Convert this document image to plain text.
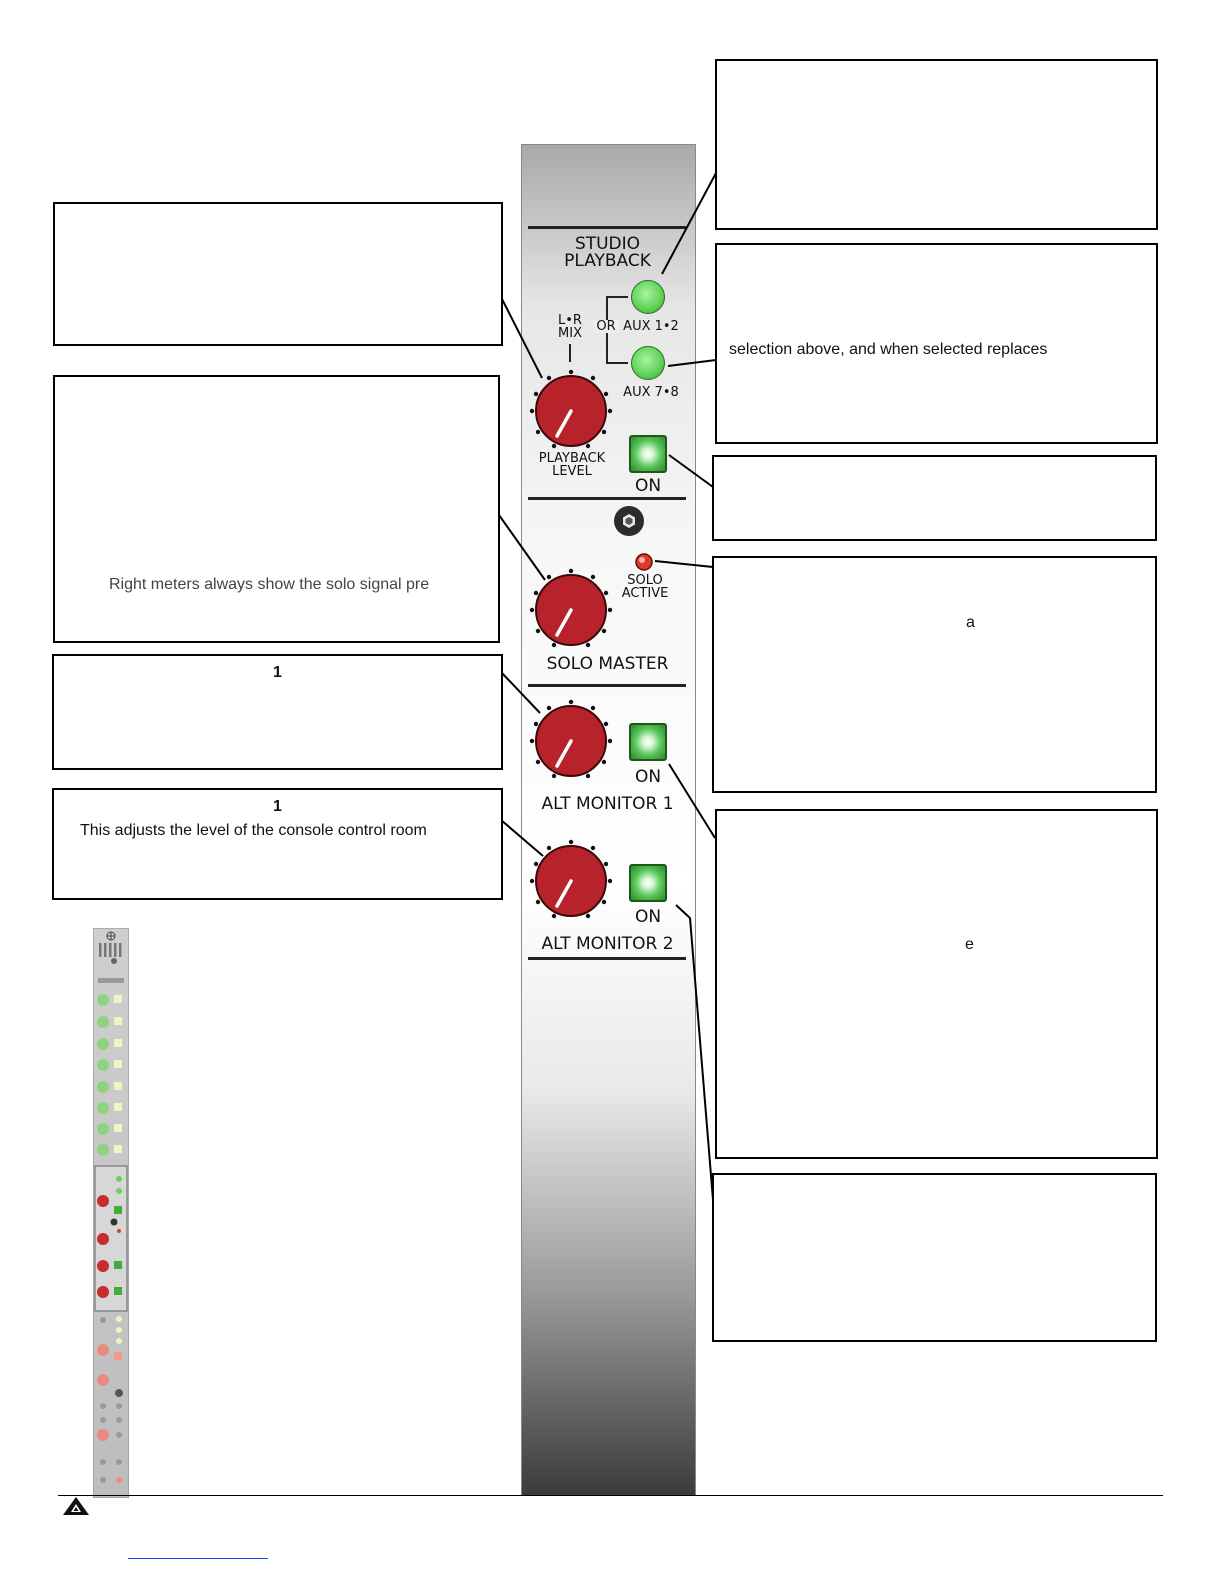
STUDIO
PLAYBACK
L•R
MIX	OR AUX 1•2
AUX 7•8
PLAYBACK
LEVEL
ON
SOLO
ACTIVE
SOLO MASTER
ON
ALT MONITOR 1
ON
ALT MONITOR 2
Right meters always show the solo signal pre
1
1
This adjusts the level of the console control room
selection above, and when selected replaces
a
e
